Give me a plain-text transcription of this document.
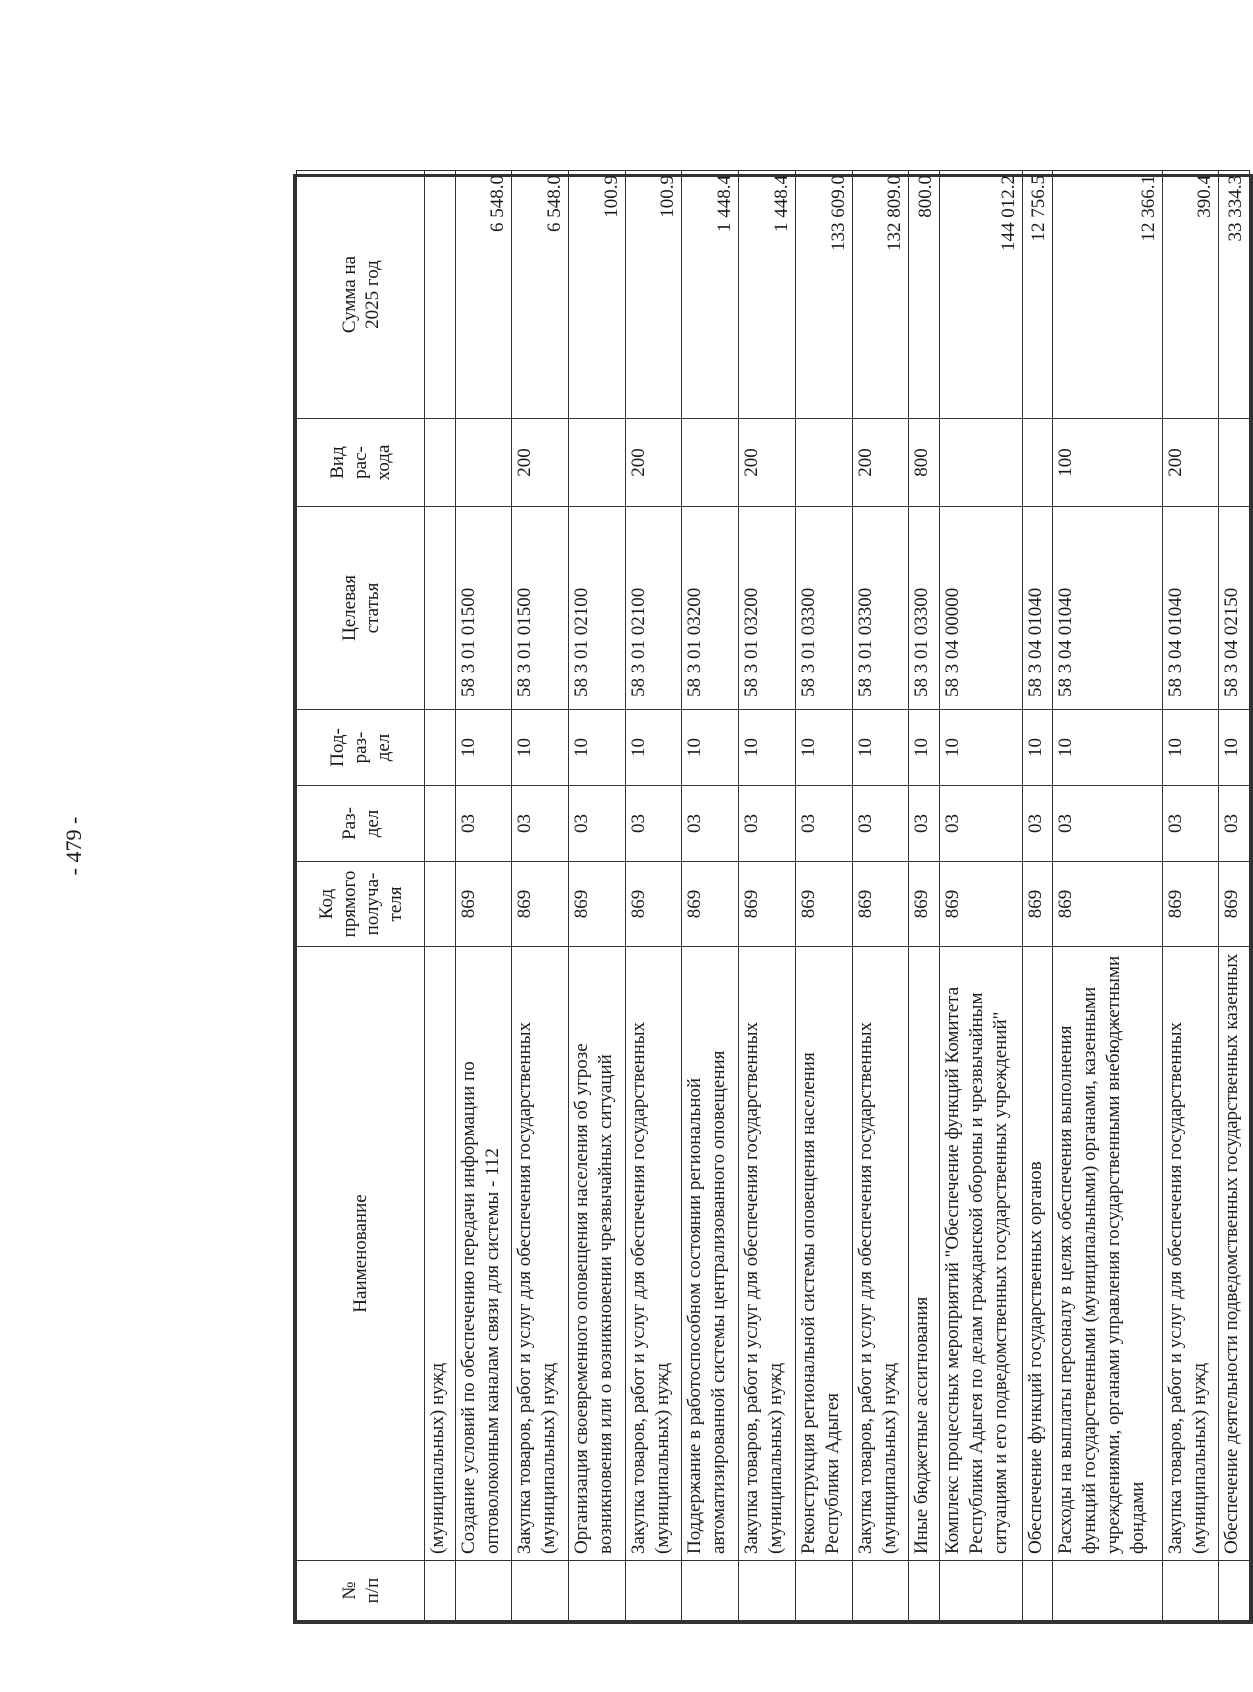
- 479 -
№ п/п	Наименование	Код прямого получа- теля	Раз- дел	Под- раз- дел	Целевая статья	Вид рас- хода	Сумма на 2025 год
	(муниципальных) нужд						
	Создание условий по обеспечению передачи информации по оптоволоконным каналам связи для системы - 112	869	03	10	58 3 01 01500		6 548.0
	Закупка товаров, работ и услуг для обеспечения государственных (муниципальных) нужд	869	03	10	58 3 01 01500	200	6 548.0
	Организация своевременного оповещения населения об угрозе возникновения или о возникновении чрезвычайных ситуаций	869	03	10	58 3 01 02100		100.9
	Закупка товаров, работ и услуг для обеспечения государственных (муниципальных) нужд	869	03	10	58 3 01 02100	200	100.9
	Поддержание в работоспособном состоянии региональной автоматизированной системы централизованного оповещения	869	03	10	58 3 01 03200		1 448.4
	Закупка товаров, работ и услуг для обеспечения государственных (муниципальных) нужд	869	03	10	58 3 01 03200	200	1 448.4
	Реконструкция региональной системы оповещения населения Республики Адыгея	869	03	10	58 3 01 03300		133 609.0
	Закупка товаров, работ и услуг для обеспечения государственных (муниципальных) нужд	869	03	10	58 3 01 03300	200	132 809.0
	Иные бюджетные ассигнования	869	03	10	58 3 01 03300	800	800.0
	Комплекс процессных мероприятий "Обеспечение функций Комитета Республики Адыгея по делам гражданской обороны и чрезвычайным ситуациям и его подведомственных государственных учреждений"	869	03	10	58 3 04 00000		144 012.2
	Обеспечение функций государственных органов	869	03	10	58 3 04 01040		12 756.5
	Расходы на выплаты персоналу в целях обеспечения выполнения функций государственными (муниципальными) органами, казенными учреждениями, органами управления государственными внебюджетными фондами	869	03	10	58 3 04 01040	100	12 366.1
	Закупка товаров, работ и услуг для обеспечения государственных (муниципальных) нужд	869	03	10	58 3 04 01040	200	390.4
	Обеспечение деятельности подведомственных государственных казенных	869	03	10	58 3 04 02150		33 334.3
